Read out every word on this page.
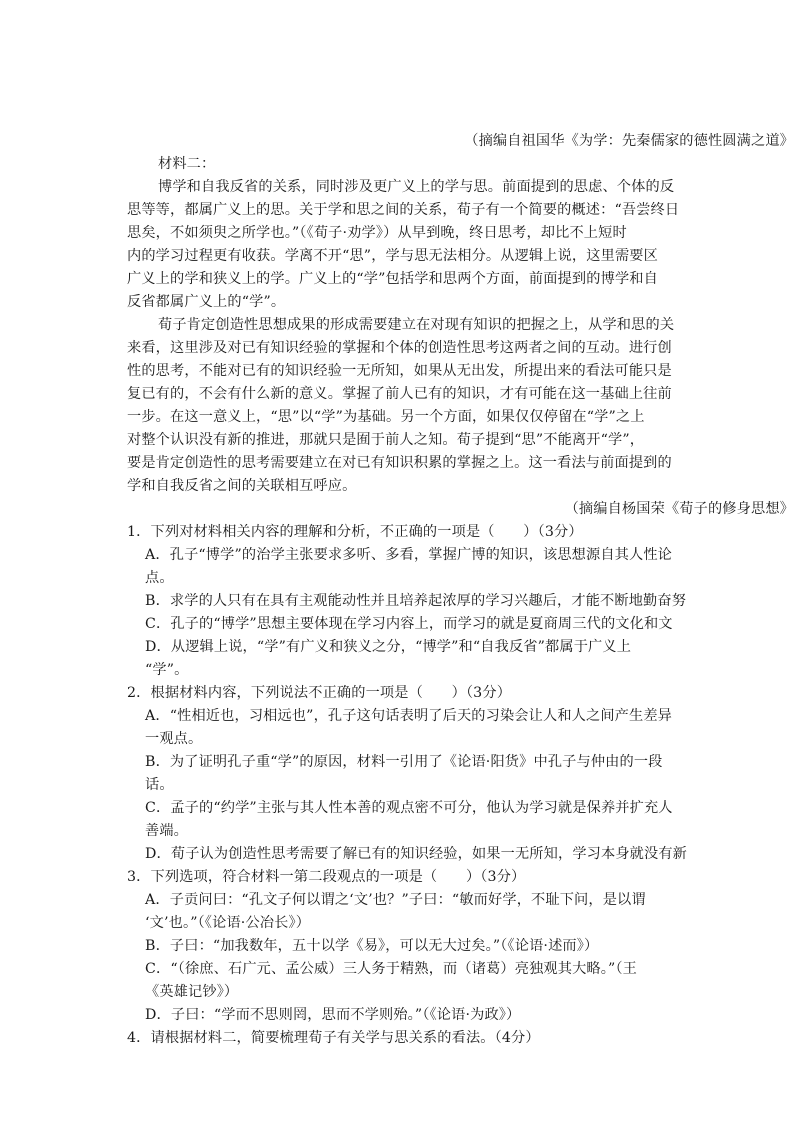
（摘编自祖国华《为学：先秦儒家的德性圆满之道》
材料二：
博学和自我反省的关系，同时涉及更广义上的学与思。前面提到的思虑、个体的反
思等等，都属广义上的思。关于学和思之间的关系，荀子有一个简要的概述：“吾尝终日
思矣，不如须臾之所学也。”（《荀子·劝学》）从早到晚，终日思考，却比不上短时
内的学习过程更有收获。学离不开“思”，学与思无法相分。从逻辑上说，这里需要区
广义上的学和狭义上的学。广义上的“学”包括学和思两个方面，前面提到的博学和自
反省都属广义上的“学”。
荀子肯定创造性思想成果的形成需要建立在对现有知识的把握之上，从学和思的关
来看，这里涉及对已有知识经验的掌握和个体的创造性思考这两者之间的互动。进行创
性的思考，不能对已有的知识经验一无所知，如果从无出发，所提出来的看法可能只是
复已有的，不会有什么新的意义。掌握了前人已有的知识，才有可能在这一基础上往前
一步。在这一意义上，“思”以“学”为基础。另一个方面，如果仅仅停留在“学”之上
对整个认识没有新的推进，那就只是囿于前人之知。荀子提到“思”不能离开“学”，
要是肯定创造性的思考需要建立在对已有知识积累的掌握之上。这一看法与前面提到的
学和自我反省之间的关联相互呼应。
（摘编自杨国荣《荀子的修身思想》
1．下列对材料相关内容的理解和分析，不正确的一项是（　　）（3分）
A．孔子“博学”的治学主张要求多听、多看，掌握广博的知识，该思想源自其人性论
点。
B．求学的人只有在具有主观能动性并且培养起浓厚的学习兴趣后，才能不断地勤奋努
C．孔子的“博学”思想主要体现在学习内容上，而学习的就是夏商周三代的文化和文
D．从逻辑上说，“学”有广义和狭义之分，“博学”和“自我反省”都属于广义上
“学”。
2．根据材料内容，下列说法不正确的一项是（　　）（3分）
A．“性相近也，习相远也”，孔子这句话表明了后天的习染会让人和人之间产生差异
一观点。
B．为了证明孔子重“学”的原因，材料一引用了《论语·阳货》中孔子与仲由的一段
话。
C．孟子的“约学”主张与其人性本善的观点密不可分，他认为学习就是保养并扩充人
善端。
D．荀子认为创造性思考需要了解已有的知识经验，如果一无所知，学习本身就没有新
3．下列选项，符合材料一第二段观点的一项是（　　）（3分）
A．子贡问曰：“孔文子何以谓之‘文’也？”子曰：“敏而好学，不耻下问，是以谓
‘文’也。”（《论语·公冶长》）
B．子曰：“加我数年，五十以学《易》，可以无大过矣。”（《论语·述而》）
C．“（徐庶、石广元、孟公威）三人务于精熟，而（诸葛）亮独观其大略。”（王
《英雄记钞》）
D．子曰：“学而不思则罔，思而不学则殆。”（《论语·为政》）
4．请根据材料二，简要梳理荀子有关学与思关系的看法。（4分）
